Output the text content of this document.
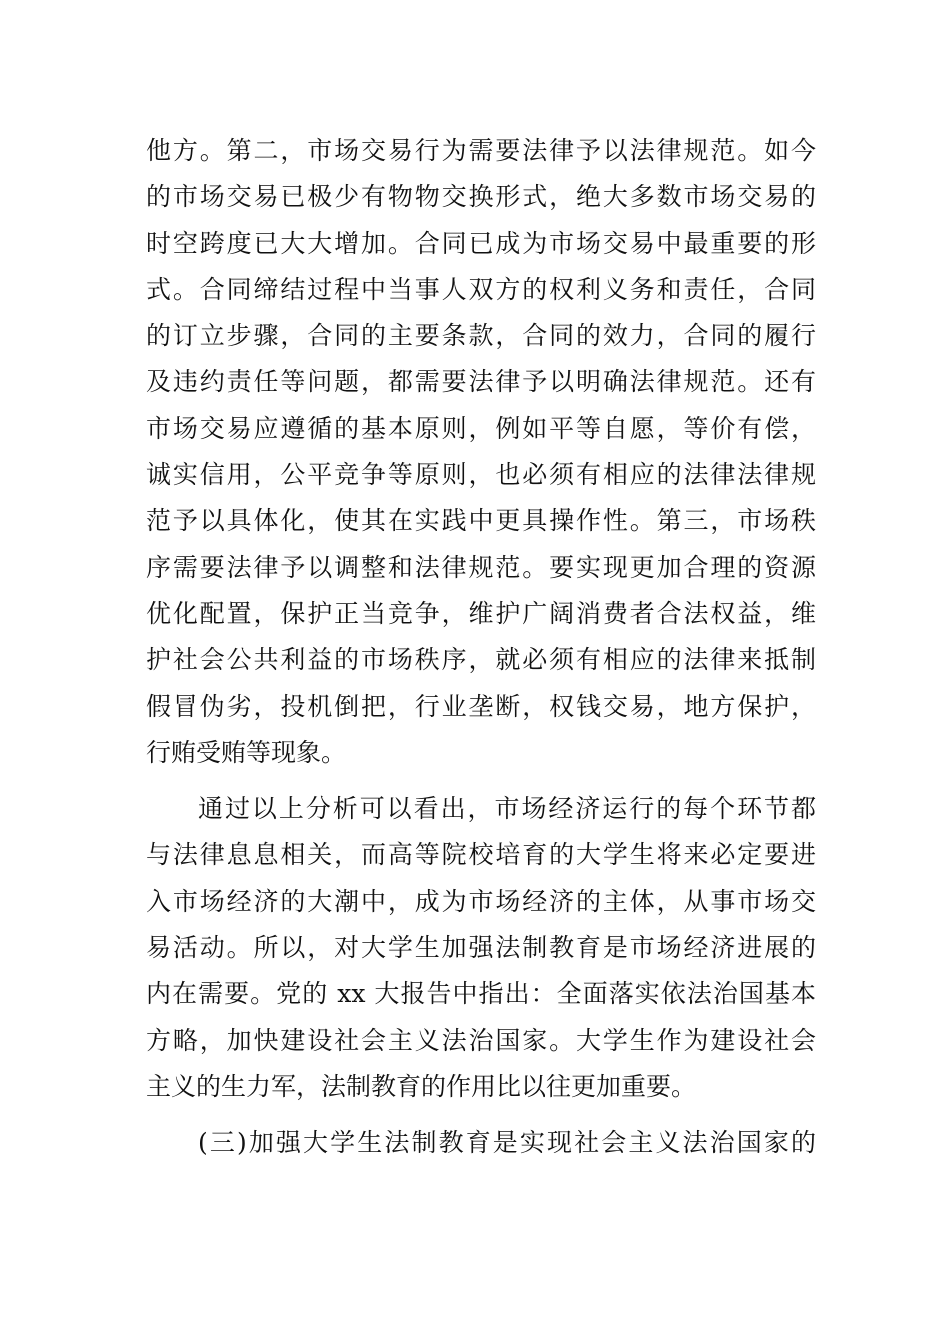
他方。第二，市场交易行为需要法律予以法律规范。如今
的市场交易已极少有物物交换形式，绝大多数市场交易的
时空跨度已大大增加。合同已成为市场交易中最重要的形
式。合同缔结过程中当事人双方的权利义务和责任，合同
的订立步骤，合同的主要条款，合同的效力，合同的履行
及违约责任等问题，都需要法律予以明确法律规范。还有
市场交易应遵循的基本原则，例如平等自愿，等价有偿，
诚实信用，公平竞争等原则，也必须有相应的法律法律规
范予以具体化，使其在实践中更具操作性。第三，市场秩
序需要法律予以调整和法律规范。要实现更加合理的资源
优化配置，保护正当竞争，维护广阔消费者合法权益，维
护社会公共利益的市场秩序，就必须有相应的法律来抵制
假冒伪劣，投机倒把，行业垄断，权钱交易，地方保护，
行贿受贿等现象。
通过以上分析可以看出，市场经济运行的每个环节都
与法律息息相关，而高等院校培育的大学生将来必定要进
入市场经济的大潮中，成为市场经济的主体，从事市场交
易活动。所以，对大学生加强法制教育是市场经济进展的
内在需要。党的 xx 大报告中指出：全面落实依法治国基本
方略，加快建设社会主义法治国家。大学生作为建设社会
主义的生力军，法制教育的作用比以往更加重要。
(三)加强大学生法制教育是实现社会主义法治国家的
